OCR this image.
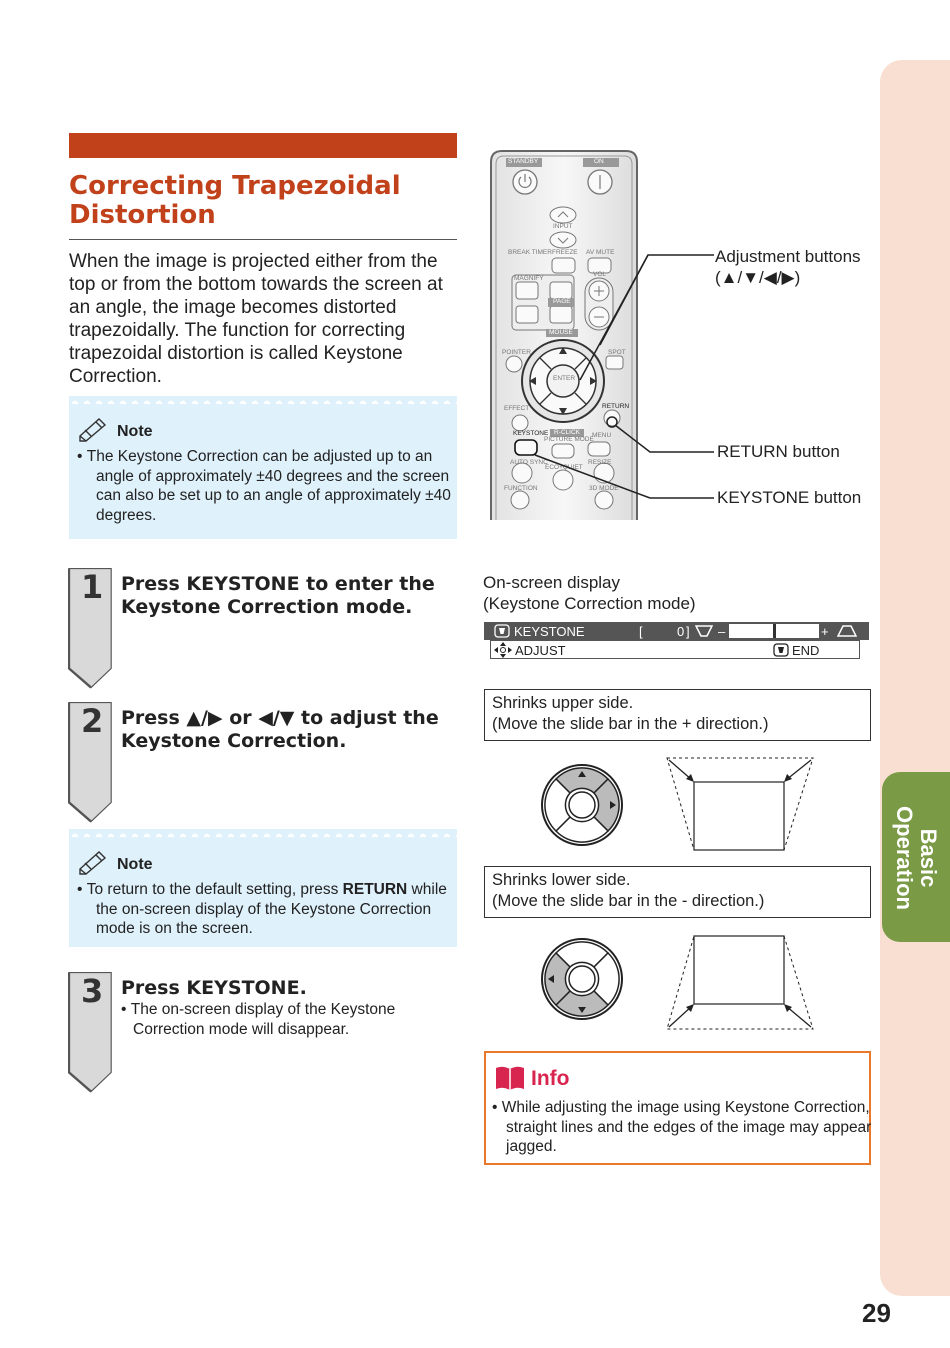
Basic
Operation
29
Correcting Trapezoidal Distortion
When the image is projected either from the top or from the bottom towards the screen at an angle, the image becomes distorted trapezoidally. The function for correcting trapezoidal distortion is called Keystone Correction.
Note
• The Keystone Correction can be adjusted up to an angle of approximately ±40 degrees and the screen can also be set up to an angle of approximately ±40 degrees.
STANDBY	ON
INPUT
BREAK TIMER FREEZE AV MUTE
MAGNIFY
VOL
PAGE
MOUSE
POINTER	SPOT
ENTER
EFFECT	RETURN
KEYSTONE R-CLICK
PICTURE MODE
MENU
AUTO SYNC	RESIZE
ECO+QUIET
FUNCTION	3D MODE
Adjustment buttons
(▲/▼/◀/▶)
RETURN button
KEYSTONE button
1 Press KEYSTONE to enter the Keystone Correction mode.
2 Press ▲/▶ or ◀/▼ to adjust the Keystone Correction.
Note
• To return to the default setting, press RETURN while the on-screen display of the Keystone Correction mode is on the screen.
3 Press KEYSTONE.
• The on-screen display of the Keystone Correction mode will disappear.
On-screen display
(Keystone Correction mode)
KEYSTONE	[	0 ] –	+
ADJUST	END
Shrinks upper side.
(Move the slide bar in the + direction.)
Shrinks lower side.
(Move the slide bar in the - direction.)
Info
• While adjusting the image using Keystone Correction, straight lines and the edges of the image may appear jagged.
